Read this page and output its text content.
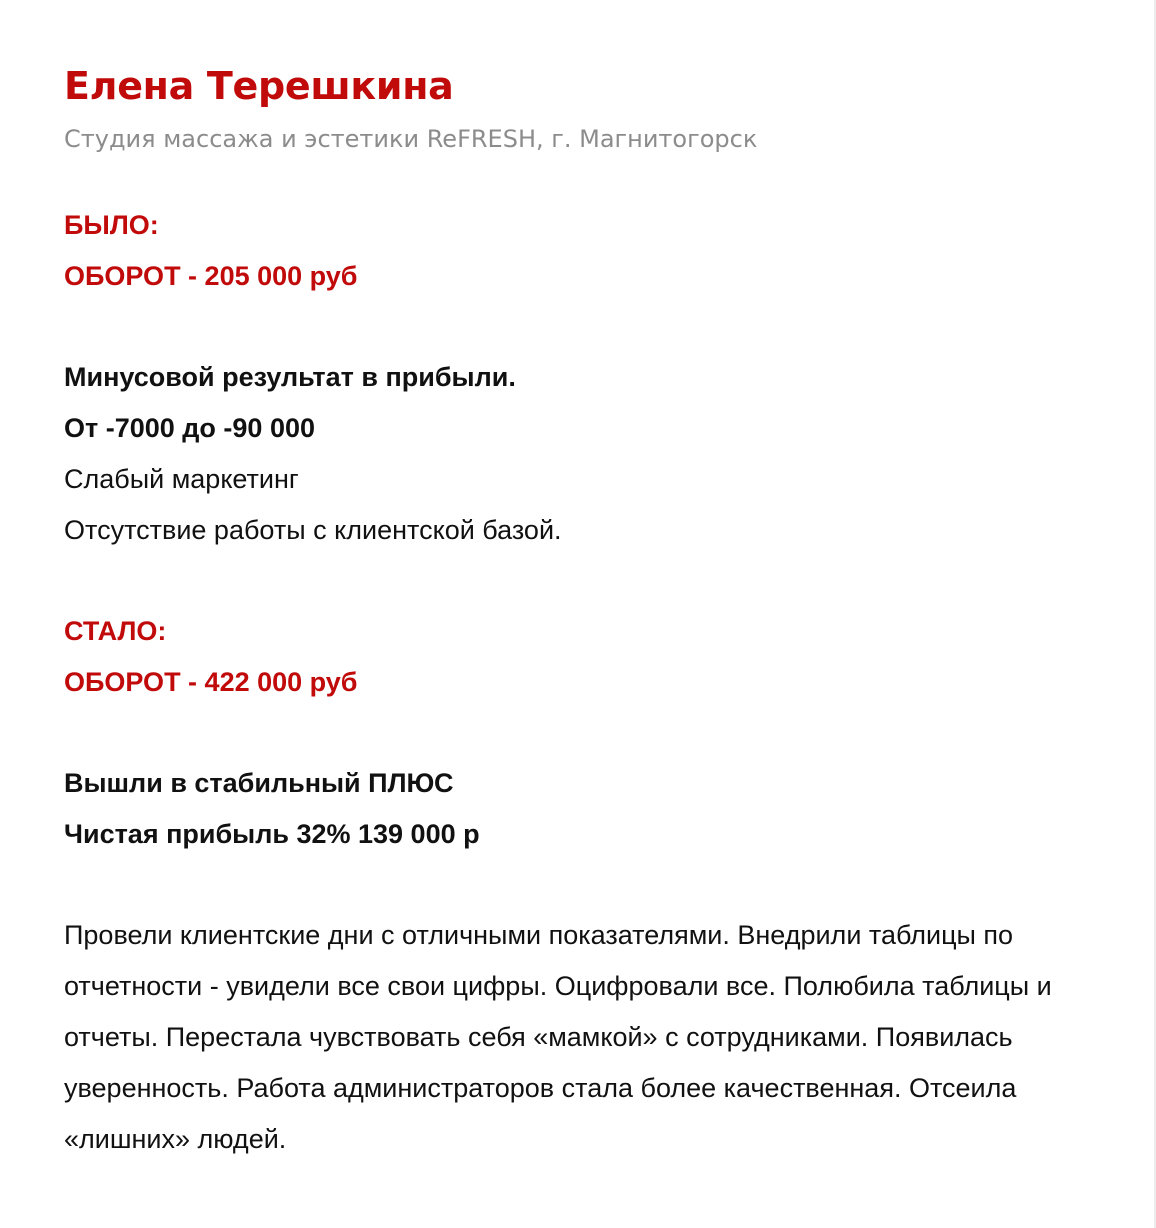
Елена Терешкина
Студия массажа и эстетики ReFRESH, г. Магнитогорск

БЫЛО:

ОБОРОТ - 205 000 руб

Минусовой результат в прибыли.

От -7000 до -90 000

Слабый маркетинг

Отсутствие работы с клиентской базой.

СТАЛО:

ОБОРОТ - 422 000 руб

Вышли в стабильный ПЛЮС

Чистая прибыль 32% 139 000 р

Провели клиентские дни с отличными показателями. Внедрили таблицы по

отчетности - увидели все свои цифры. Оцифровали все. Полюбила таблицы и

отчеты. Перестала чувствовать себя «мамкой» с сотрудниками. Появилась

уверенность. Работа администраторов стала более качественная. Отсеила

«лишних» людей.
